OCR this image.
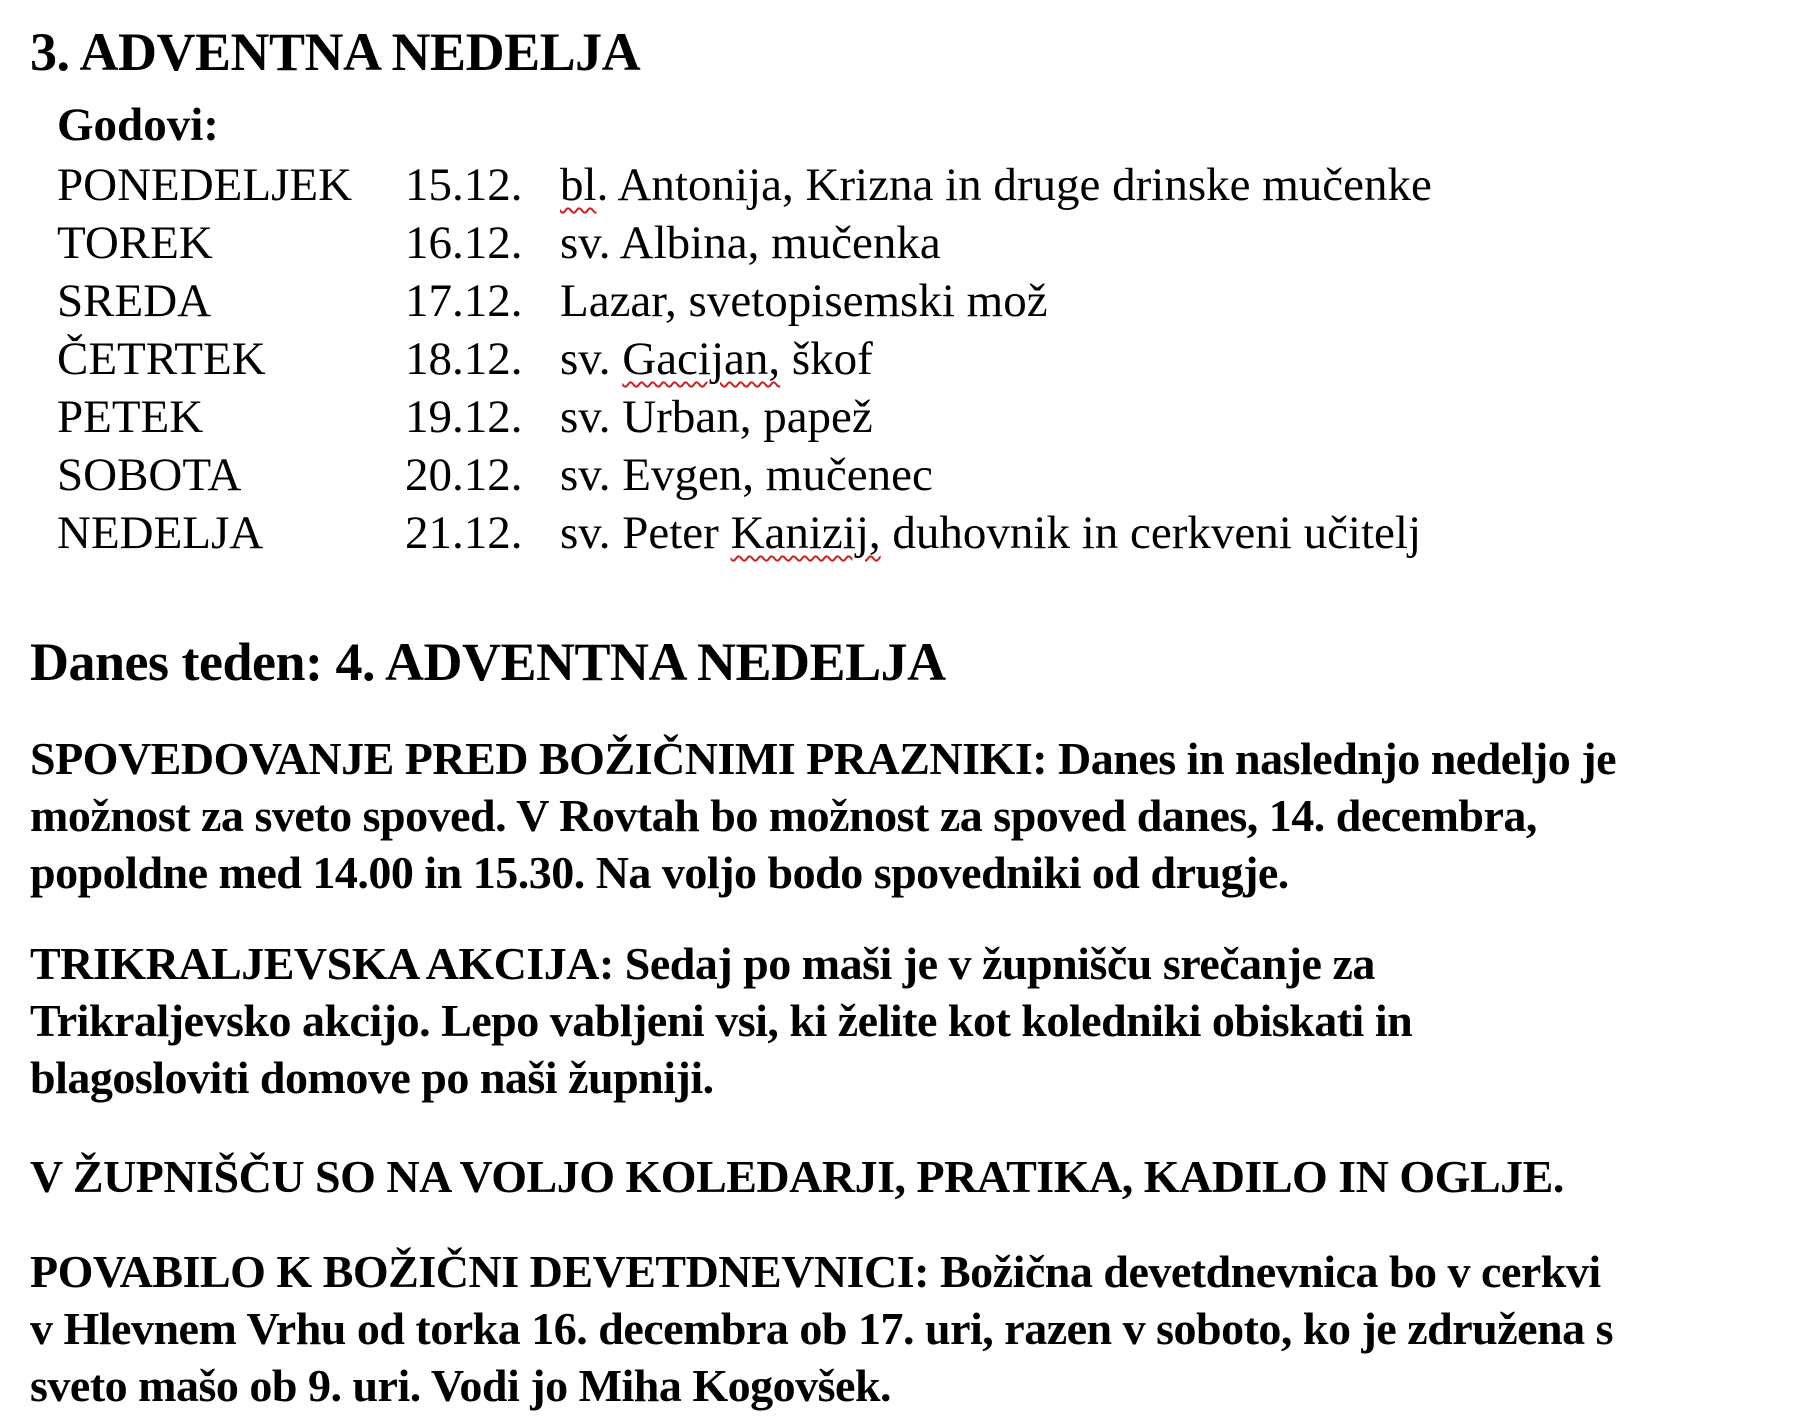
3. ADVENTNA NEDELJA
Godovi:
PONEDELJEK	15.12. bl. Antonija, Krizna in druge drinske mučenke
TOREK	16.12. sv. Albina, mučenka
SREDA	17.12. Lazar, svetopisemski mož
ČETRTEK	18.12. sv. Gacijan, škof
PETEK	19.12. sv. Urban, papež
SOBOTA	20.12. sv. Evgen, mučenec
NEDELJA	21.12. sv. Peter Kanizij, duhovnik in cerkveni učitelj
Danes teden: 4. ADVENTNA NEDELJA
SPOVEDOVANJE PRED BOŽIČNIMI PRAZNIKI: Danes in naslednjo nedeljo je
možnost za sveto spoved. V Rovtah bo možnost za spoved danes, 14. decembra,
popoldne med 14.00 in 15.30. Na voljo bodo spovedniki od drugje.
TRIKRALJEVSKA AKCIJA: Sedaj po maši je v župnišču srečanje za
Trikraljevsko akcijo. Lepo vabljeni vsi, ki želite kot koledniki obiskati in
blagosloviti domove po naši župniji.
V ŽUPNIŠČU SO NA VOLJO KOLEDARJI, PRATIKA, KADILO IN OGLJE.
POVABILO K BOŽIČNI DEVETDNEVNICI: Božična devetdnevnica bo v cerkvi
v Hlevnem Vrhu od torka 16. decembra ob 17. uri, razen v soboto, ko je združena s
sveto mašo ob 9. uri. Vodi jo Miha Kogovšek.
